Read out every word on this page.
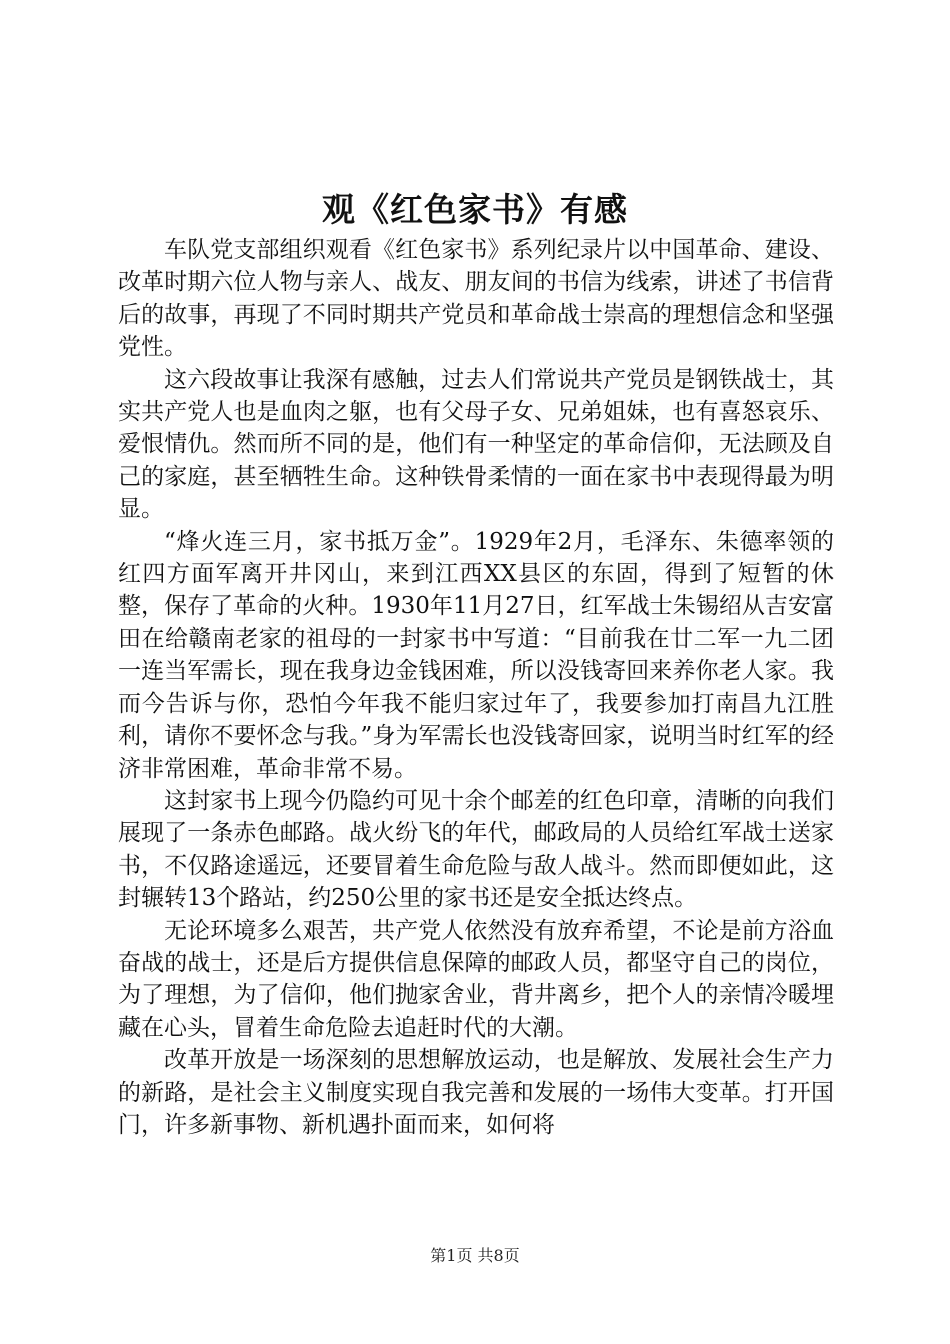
观《红色家书》有感

车队党支部组织观看《红色家书》系列纪录片以中国革命、建设、改革时期六位人物与亲人、战友、朋友间的书信为线索，讲述了书信背后的故事，再现了不同时期共产党员和革命战士崇高的理想信念和坚强党性。

这六段故事让我深有感触，过去人们常说共产党员是钢铁战士，其实共产党人也是血肉之躯，也有父母子女、兄弟姐妹，也有喜怒哀乐、爱恨情仇。然而所不同的是，他们有一种坚定的革命信仰，无法顾及自己的家庭，甚至牺牲生命。这种铁骨柔情的一面在家书中表现得最为明显。

“烽火连三月，家书抵万金”。1929年2月，毛泽东、朱德率领的红四方面军离开井冈山，来到江西XX县区的东固，得到了短暂的休整，保存了革命的火种。1930年11月27日，红军战士朱锡绍从吉安富田在给赣南老家的祖母的一封家书中写道：“目前我在廿二军一九二团一连当军需长，现在我身边金钱困难，所以没钱寄回来养你老人家。我而今告诉与你，恐怕今年我不能归家过年了，我要参加打南昌九江胜利，请你不要怀念与我。”身为军需长也没钱寄回家，说明当时红军的经济非常困难，革命非常不易。

这封家书上现今仍隐约可见十余个邮差的红色印章，清晰的向我们展现了一条赤色邮路。战火纷飞的年代，邮政局的人员给红军战士送家书，不仅路途遥远，还要冒着生命危险与敌人战斗。然而即便如此，这封辗转13个路站，约250公里的家书还是安全抵达终点。

无论环境多么艰苦，共产党人依然没有放弃希望，不论是前方浴血奋战的战士，还是后方提供信息保障的邮政人员，都坚守自己的岗位，为了理想，为了信仰，他们抛家舍业，背井离乡，把个人的亲情冷暖埋藏在心头，冒着生命危险去追赶时代的大潮。

改革开放是一场深刻的思想解放运动，也是解放、发展社会生产力的新路，是社会主义制度实现自我完善和发展的一场伟大变革。打开国门，许多新事物、新机遇扑面而来，如何将

第1页 共8页
